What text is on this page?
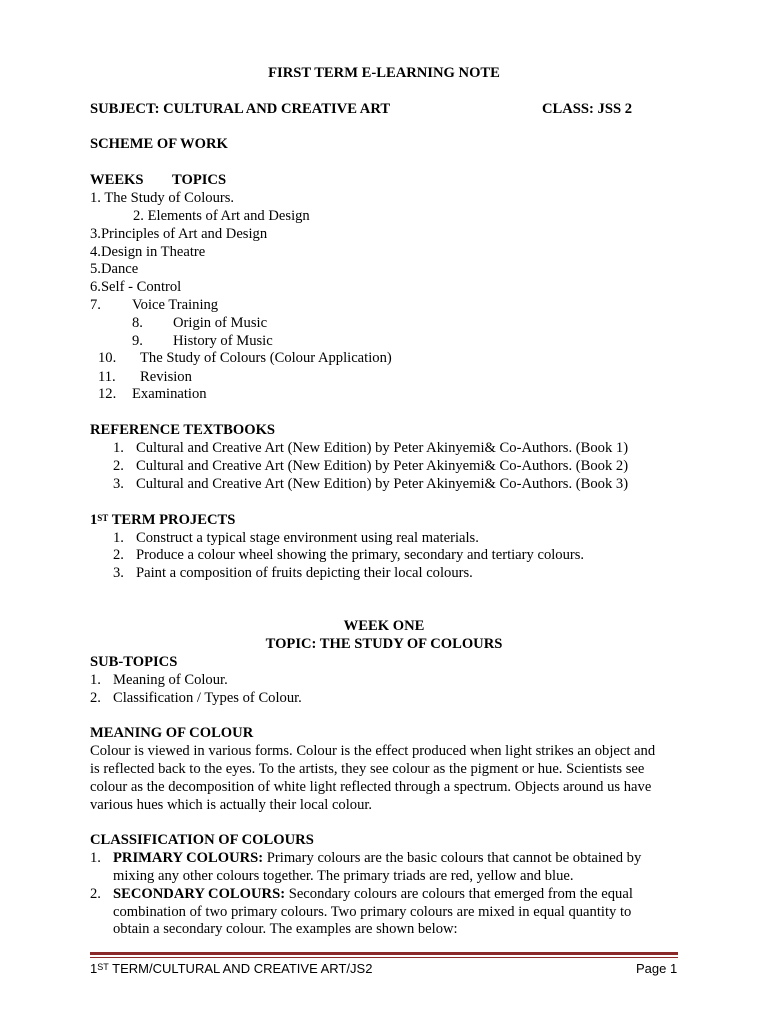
FIRST TERM E-LEARNING NOTE
SUBJECT: CULTURAL AND CREATIVE ART	CLASS: JSS 2
SCHEME OF WORK
WEEKS TOPICS
1. The Study of Colours.
2. Elements of Art and Design
3.Principles of Art and Design
4.Design in Theatre
5.Dance
6.Self - Control
7. Voice Training
8. Origin of Music
9. History of Music
10. The Study of Colours (Colour Application)
11. Revision
12. Examination
REFERENCE TEXTBOOKS
1. Cultural and Creative Art (New Edition) by Peter Akinyemi& Co-Authors. (Book 1)
2. Cultural and Creative Art (New Edition) by Peter Akinyemi& Co-Authors. (Book 2)
3. Cultural and Creative Art (New Edition) by Peter Akinyemi& Co-Authors. (Book 3)
1ST TERM PROJECTS
1. Construct a typical stage environment using real materials.
2. Produce a colour wheel showing the primary, secondary and tertiary colours.
3. Paint a composition of fruits depicting their local colours.
WEEK ONE
TOPIC: THE STUDY OF COLOURS
SUB-TOPICS
1. Meaning of Colour.
2. Classification / Types of Colour.
MEANING OF COLOUR
Colour is viewed in various forms. Colour is the effect produced when light strikes an object and
is reflected back to the eyes. To the artists, they see colour as the pigment or hue. Scientists see
colour as the decomposition of white light reflected through a spectrum. Objects around us have
various hues which is actually their local colour.
CLASSIFICATION OF COLOURS
1. PRIMARY COLOURS: Primary colours are the basic colours that cannot be obtained by
mixing any other colours together. The primary triads are red, yellow and blue.
2. SECONDARY COLOURS: Secondary colours are colours that emerged from the equal
combination of two primary colours. Two primary colours are mixed in equal quantity to
obtain a secondary colour. The examples are shown below:
1ST TERM/CULTURAL AND CREATIVE ART/JS2	Page 1
